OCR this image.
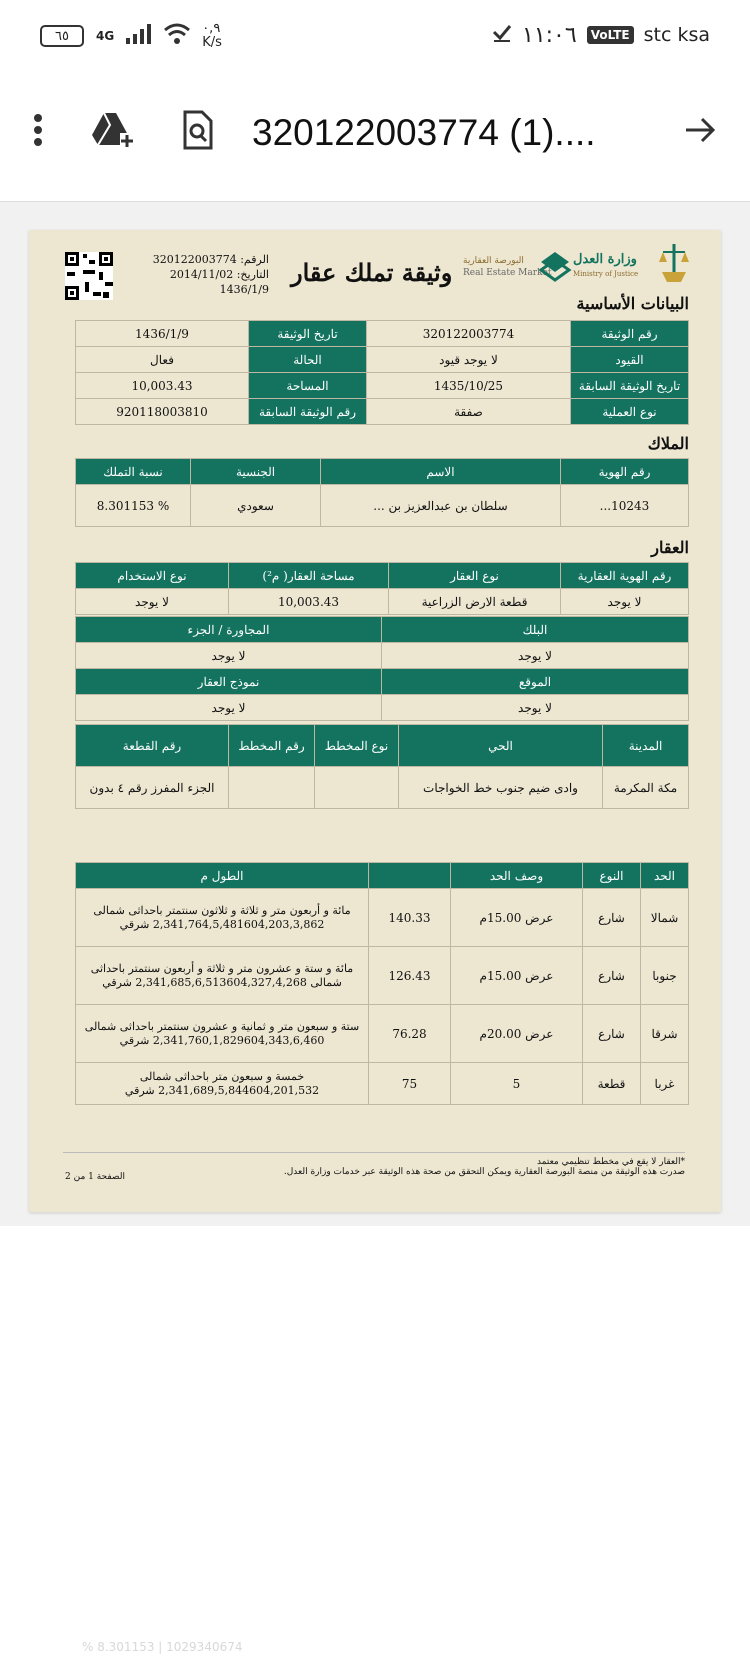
٦٥	4G	٠,٩ K/s	١١:٠٦	VoLTE stc ksa
320122003774 (1)....
الرقم: 320122003774
التاريخ: 2014/11/02
1436/1/9
وثيقة تملك عقار البورصة العقارية
Real Estate Market
وزارة العدل
Ministry of Justice
البيانات الأساسية
رقم الوثيقة	320122003774	تاريخ الوثيقة	1436/1/9
القيود	لا يوجد قيود	الحالة	فعال
تاريخ الوثيقة السابقة	1435/10/25	المساحة	10,003.43
نوع العملية	صفقة	رقم الوثيقة السابقة	920118003810
الملاك
رقم الهوية	الاسم	الجنسية	نسبة التملك
10243...	سلطان بن عبدالعزيز بن ...	سعودي	% 8.301153
العقار
رقم الهوية العقارية	نوع العقار	مساحة العقار( م²)	نوع الاستخدام
لا يوجد	قطعة الارض الزراعية	10,003.43	لا يوجد
البلك	المجاورة / الجزء
لا يوجد	لا يوجد
الموقع	نموذج العقار
لا يوجد	لا يوجد
المدينة	الحي	نوع المخطط	رقم المخطط	رقم القطعة
مكة المكرمة	وادى ضيم جنوب خط الخواجات			الجزء المفرز رقم ٤ بدون
الحد	النوع	وصف الحد		الطول م
شمالا	شارع	عرض 15.00م	140.33	مائة و أربعون متر و ثلاثة و ثلاثون سنتمتر باحداثى شمالى 2,341,764,5,481604,203,3,862 شرقي
جنوبا	شارع	عرض 15.00م	126.43	مائة و ستة و عشرون متر و ثلاثة و أربعون سنتمتر باحداثى شمالى 2,341,685,6,513604,327,4,268 شرقي
شرقا	شارع	عرض 20.00م	76.28	ستة و سبعون متر و ثمانية و عشرون سنتمتر باحداثى شمالى 2,341,760,1,829604,343,6,460 شرقي
غربا	قطعة	5	75	خمسة و سبعون متر باحداثى شمالى 2,341,689,5,844604,201,532 شرقي
*العقار لا يقع في مخطط تنظيمي معتمد
صدرت هذه الوثيقة من منصة البورصة العقارية ويمكن التحقق من صحة هذه الوثيقة عبر خدمات وزارة العدل.
الصفحة 1 من 2
% 8.301153 | 1029340674
